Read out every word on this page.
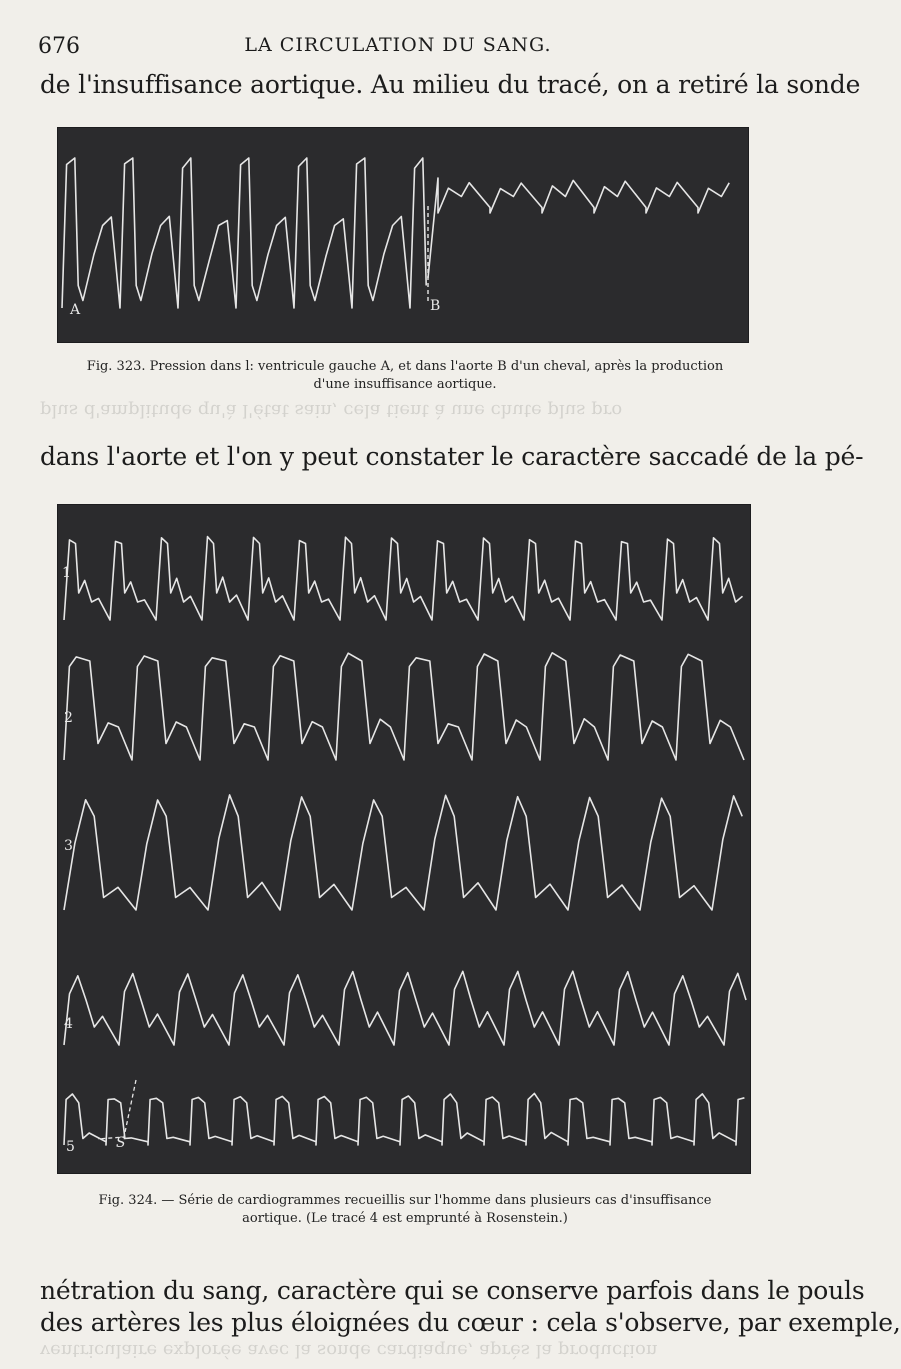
676	LA CIRCULATION DU SANG.
de l'insuffisance aortique. Au milieu du tracé, on a retiré la sonde
A	B
Fig. 323. Pression dans l: ventricule gauche A, et dans l'aorte B d'un cheval, après la production
d'une insuffisance aortique.
plus d'amplitude qu'à l'état sain, cela tient à une chute plus pro
dans l'aorte et l'on y peut constater le caractère saccadé de la pé-
1
2
3
4
5	S
Fig. 324. — Série de cardiogrammes recueillis sur l'homme dans plusieurs cas d'insuffisance
aortique. (Le tracé 4 est emprunté à Rosenstein.)
nétration du sang, caractère qui se conserve parfois dans le pouls
des artères les plus éloignées du cœur : cela s'observe, par exemple,
ventriculaire explorée avec la sonde cardiaque, après la production
